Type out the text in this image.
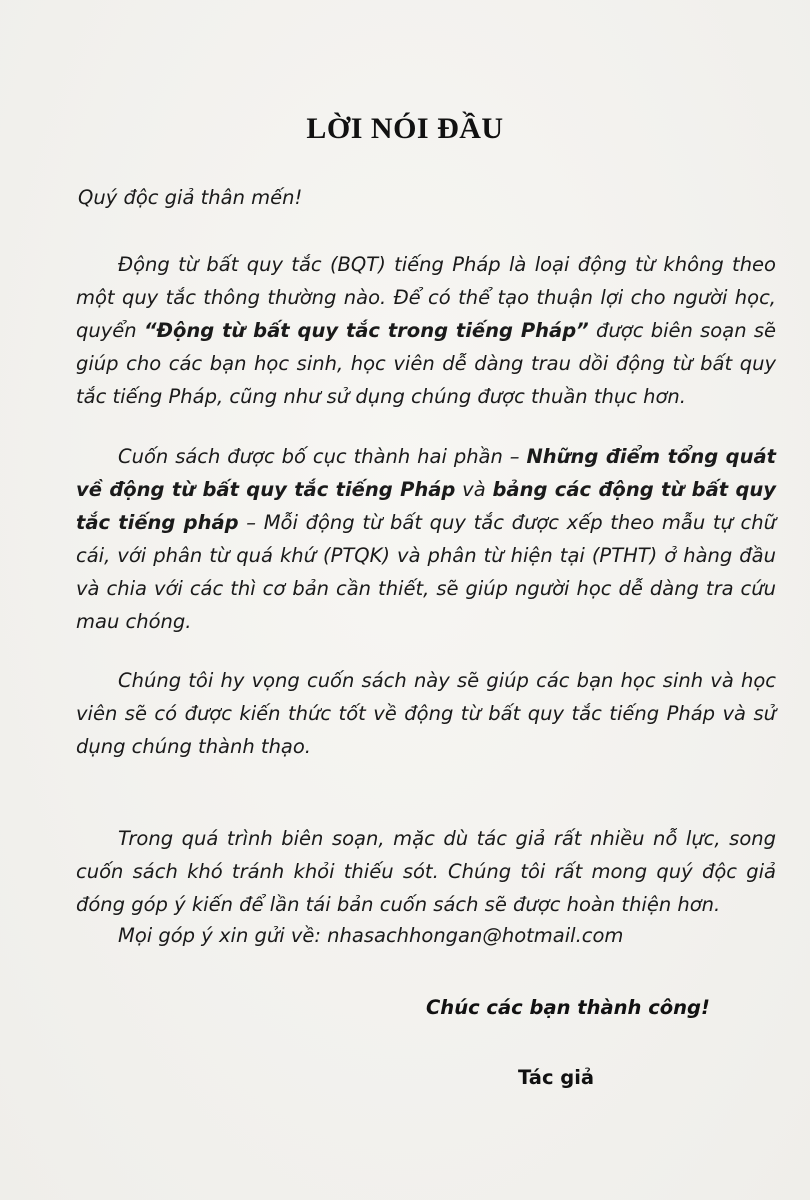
LỜI NÓI ĐẦU
Quý độc giả thân mến!

Động từ bất quy tắc (BQT) tiếng Pháp là loại động từ không theo một quy tắc thông thường nào. Để có thể tạo thuận lợi cho người học, quyển “Động từ bất quy tắc trong tiếng Pháp” được biên soạn sẽ giúp cho các bạn học sinh, học viên dễ dàng trau dồi động từ bất quy tắc tiếng Pháp, cũng như sử dụng chúng được thuần thục hơn.

Cuốn sách được bố cục thành hai phần – Những điểm tổng quát về động từ bất quy tắc tiếng Pháp và bảng các động từ bất quy tắc tiếng pháp – Mỗi động từ bất quy tắc được xếp theo mẫu tự chữ cái, với phân từ quá khứ (PTQK) và phân từ hiện tại (PTHT) ở hàng đầu và chia với các thì cơ bản cần thiết, sẽ giúp người học dễ dàng tra cứu mau chóng.

Chúng tôi hy vọng cuốn sách này sẽ giúp các bạn học sinh và học viên sẽ có được kiến thức tốt về động từ bất quy tắc tiếng Pháp và sử dụng chúng thành thạo.

Trong quá trình biên soạn, mặc dù tác giả rất nhiều nỗ lực, song cuốn sách khó tránh khỏi thiếu sót. Chúng tôi rất mong quý độc giả đóng góp ý kiến để lần tái bản cuốn sách sẽ được hoàn thiện hơn.

Mọi góp ý xin gửi về: nhasachhongan@hotmail.com
Chúc các bạn thành công!
Tác giả
